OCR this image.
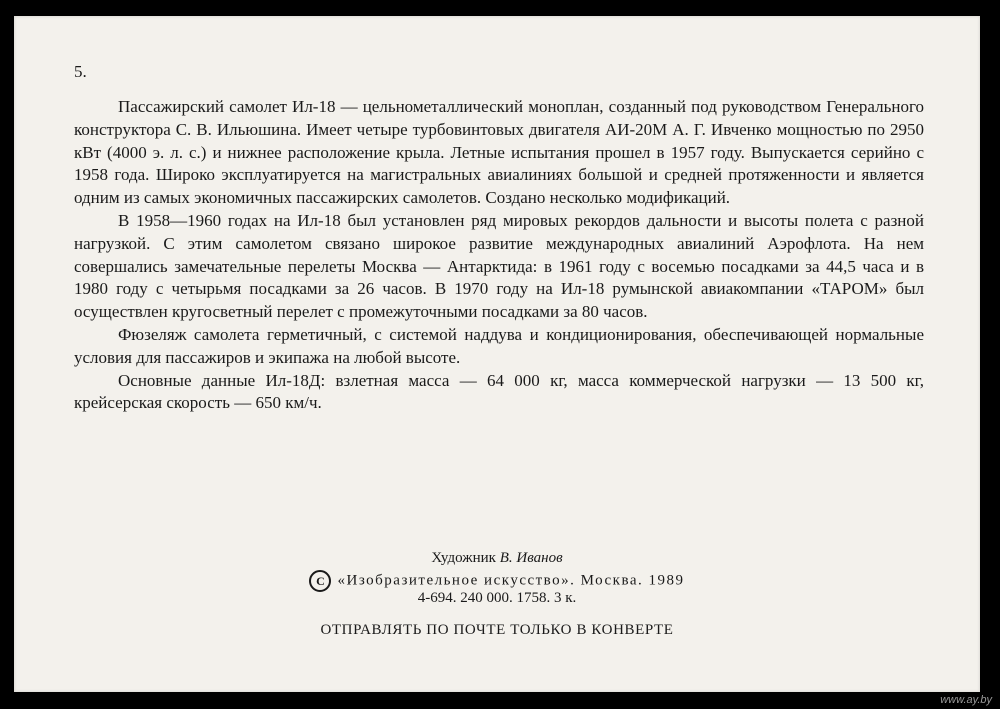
5.

Пассажирский самолет Ил-18 — цельнометаллический моноплан, созданный под руководством Генерального конструктора С. В. Ильюшина. Имеет четыре турбовинтовых двигателя АИ-20М А. Г. Ивченко мощностью по 2950 кВт (4000 э. л. с.) и нижнее расположение крыла. Летные испытания прошел в 1957 году. Выпускается серийно с 1958 года. Широко эксплуатируется на магистральных авиалиниях большой и средней протяженности и является одним из самых экономичных пассажирских самолетов. Создано несколько модификаций.

В 1958—1960 годах на Ил-18 был установлен ряд мировых рекордов дальности и высоты полета с разной нагрузкой. С этим самолетом связано широкое развитие международных авиалиний Аэрофлота. На нем совершались замечательные перелеты Москва — Антарктида: в 1961 году с восемью посадками за 44,5 часа и в 1980 году с четырьмя посадками за 26 часов. В 1970 году на Ил-18 румынской авиакомпании «ТАРОМ» был осуществлен кругосветный перелет с промежуточными посадками за 80 часов.

Фюзеляж самолета герметичный, с системой наддува и кондиционирования, обеспечивающей нормальные условия для пассажиров и экипажа на любой высоте.

Основные данные Ил-18Д: взлетная масса — 64 000 кг, масса коммерческой нагрузки — 13 500 кг, крейсерская скорость — 650 км/ч.

Художник В. Иванов
C «Изобразительное искусство». Москва. 1989
4-694. 240 000. 1758. 3 к.
ОТПРАВЛЯТЬ ПО ПОЧТЕ ТОЛЬКО В КОНВЕРТЕ
www.ay.by
